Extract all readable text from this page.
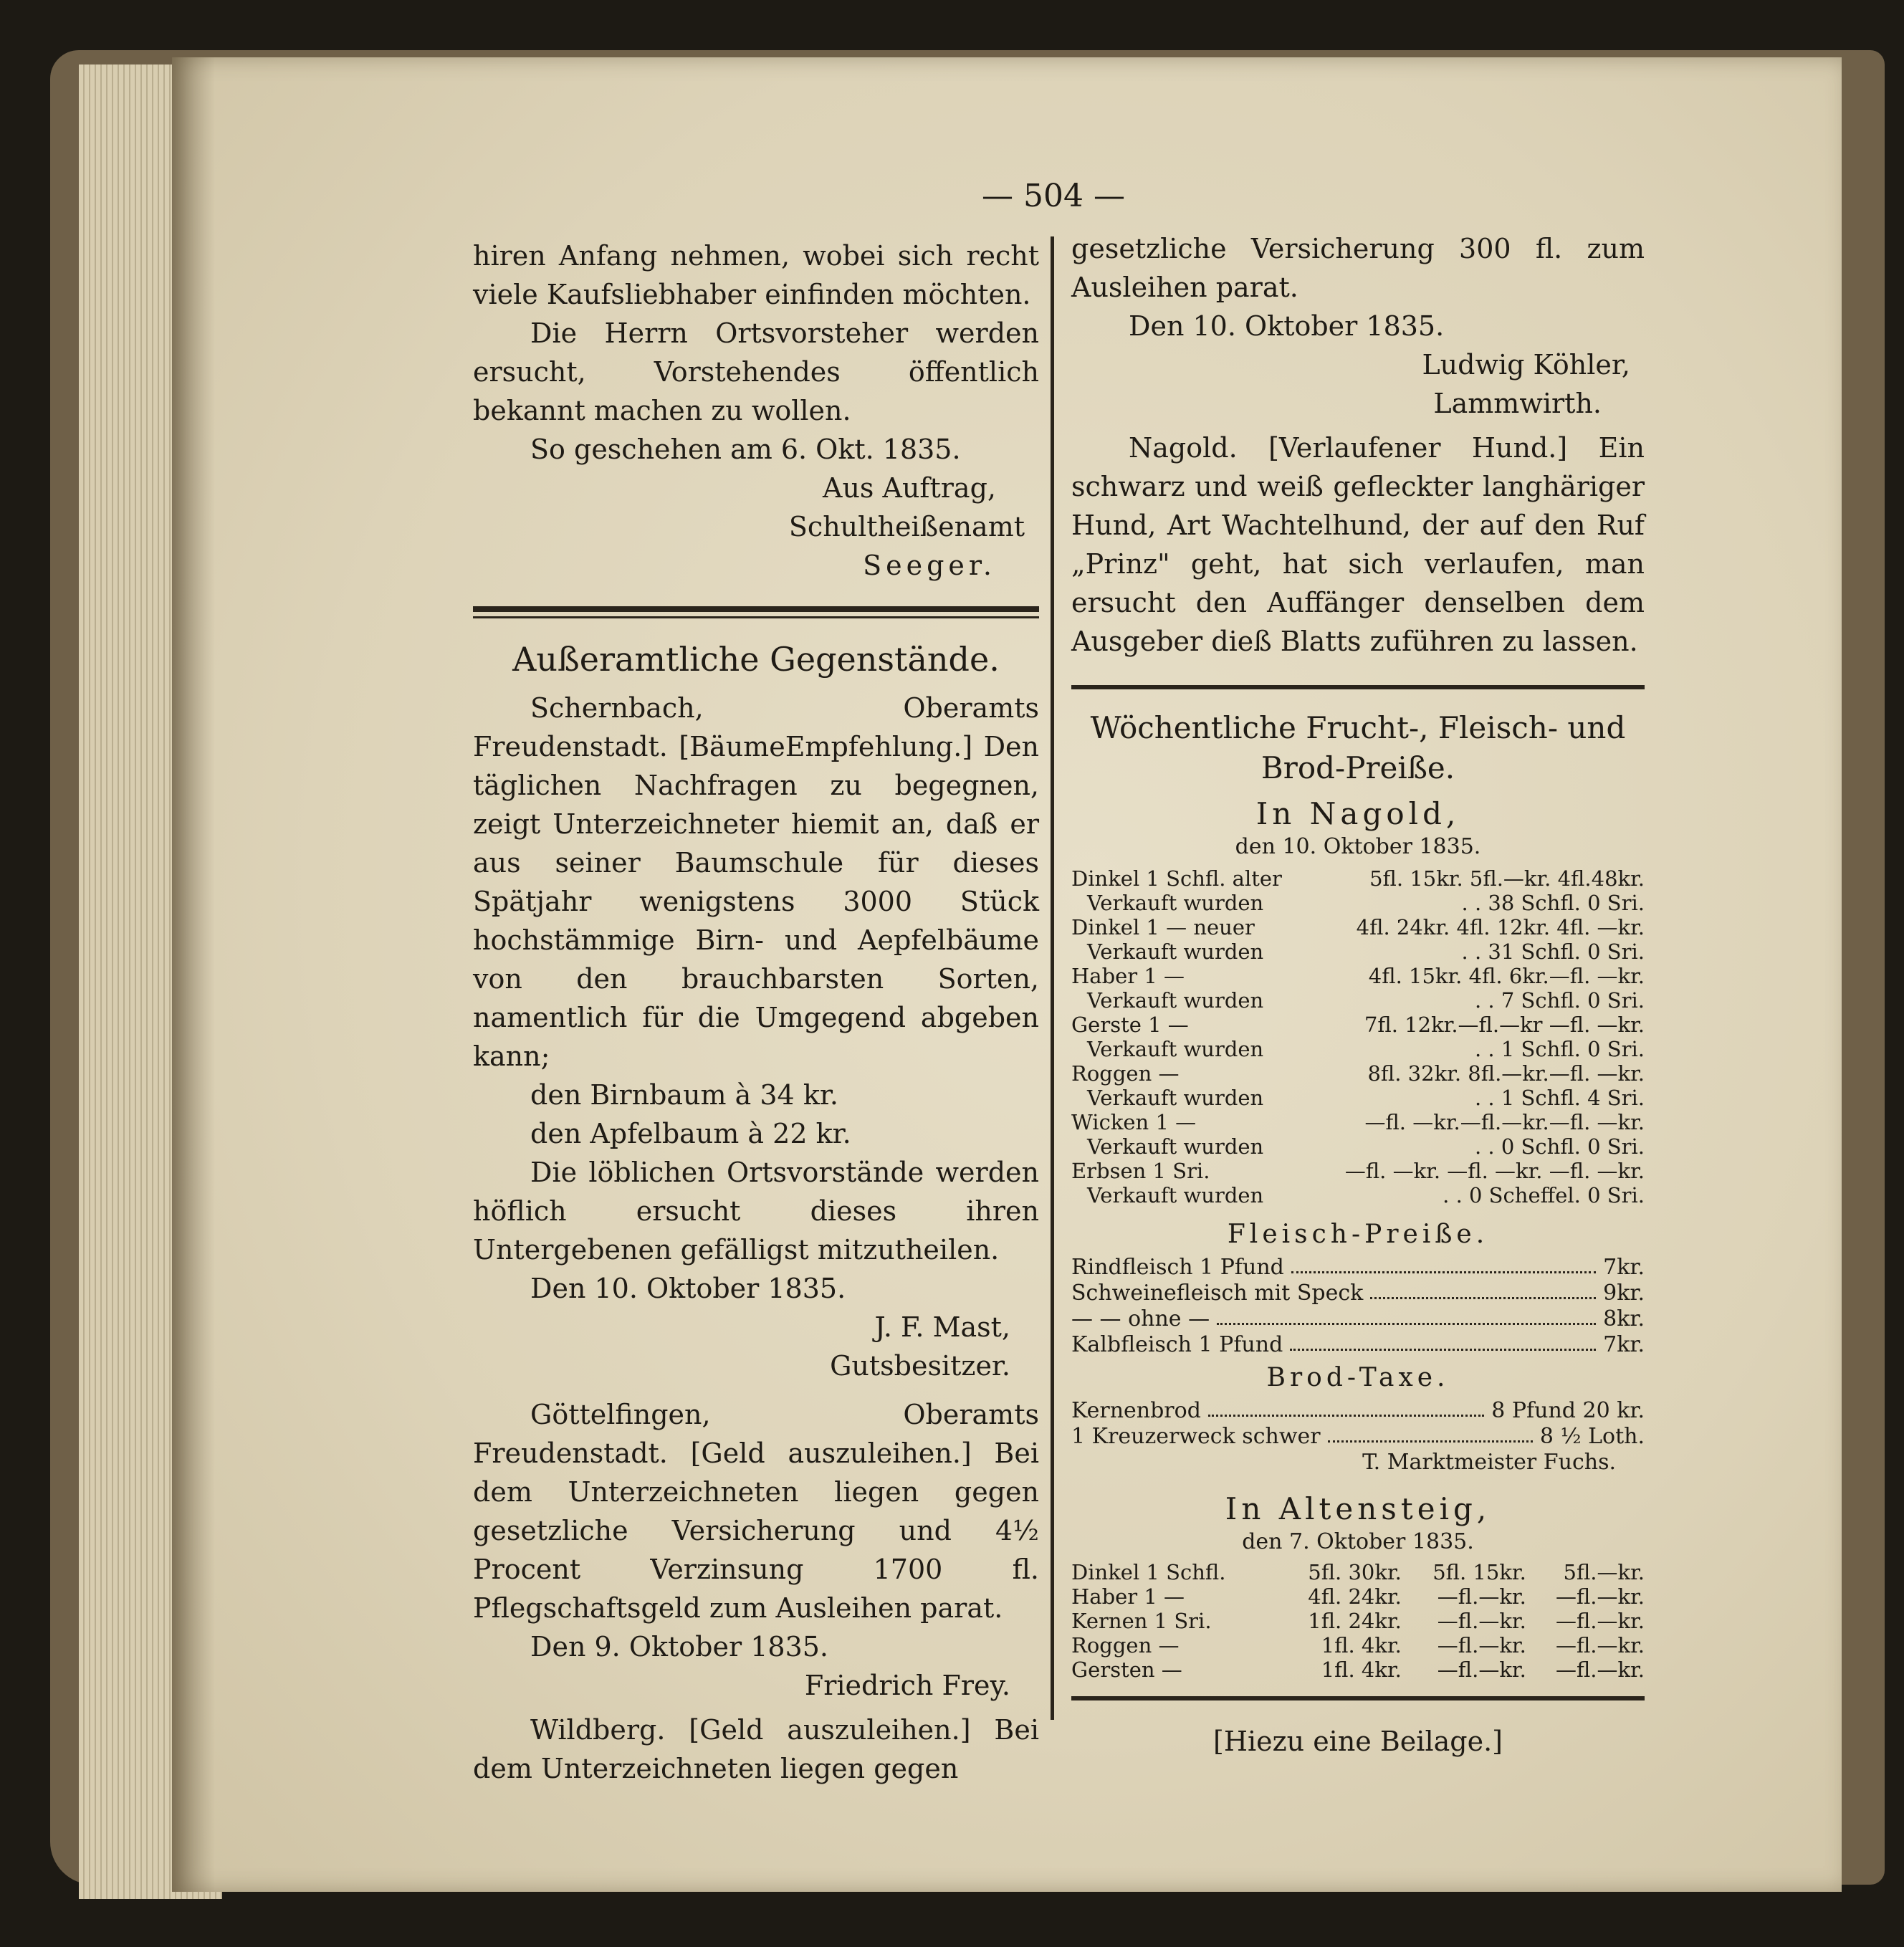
— 504 —

hiren Anfang nehmen, wobei sich recht viele Kaufsliebhaber einfinden möchten.

Die Herrn Ortsvorsteher werden ersucht, Vorstehendes öffentlich bekannt machen zu wollen.

So geschehen am 6. Okt. 1835.

Aus Auftrag,

Schultheißenamt

Seeger.

Außeramtliche Gegenstände.

Schernbach, Oberamts Freudenstadt. [BäumeEmpfehlung.] Den täglichen Nachfragen zu begegnen, zeigt Unterzeichneter hiemit an, daß er aus seiner Baumschule für dieses Spätjahr wenigstens 3000 Stück hochstämmige Birn- und Aepfelbäume von den brauchbarsten Sorten, namentlich für die Umgegend abgeben kann;

den Birnbaum à 34 kr.

den Apfelbaum à 22 kr.

Die löblichen Ortsvorstände werden höflich ersucht dieses ihren Untergebenen gefälligst mitzutheilen.

Den 10. Oktober 1835.

J. F. Mast,

Gutsbesitzer.

Göttelfingen, Oberamts Freudenstadt. [Geld auszuleihen.] Bei dem Unterzeichneten liegen gegen gesetzliche Versicherung und 4½ Procent Verzinsung 1700 fl. Pflegschaftsgeld zum Ausleihen parat.

Den 9. Oktober 1835.

Friedrich Frey.

Wildberg. [Geld auszuleihen.] Bei dem Unterzeichneten liegen gegen

gesetzliche Versicherung 300 fl. zum Ausleihen parat.

Den 10. Oktober 1835.

Ludwig Köhler,

Lammwirth.

Nagold. [Verlaufener Hund.] Ein schwarz und weiß gefleckter langhäriger Hund, Art Wachtelhund, der auf den Ruf „Prinz" geht, hat sich verlaufen, man ersucht den Auffänger denselben dem Ausgeber dieß Blatts zuführen zu lassen.

Wöchentliche Frucht-, Fleisch- und Brod-Preiße.
In Nagold,
den 10. Oktober 1835.
Dinkel 1 Schfl. alter	5fl. 15kr. 5fl.—kr. 4fl.48kr.
Verkauft wurden	. . 38 Schfl. 0 Sri.
Dinkel 1 — neuer	4fl. 24kr. 4fl. 12kr. 4fl. —kr.
Verkauft wurden	. . 31 Schfl. 0 Sri.
Haber 1 —	4fl. 15kr. 4fl. 6kr.—fl. —kr.
Verkauft wurden	. . 7 Schfl. 0 Sri.
Gerste 1 —	7fl. 12kr.—fl.—kr —fl. —kr.
Verkauft wurden	. . 1 Schfl. 0 Sri.
Roggen —	8fl. 32kr. 8fl.—kr.—fl. —kr.
Verkauft wurden	. . 1 Schfl. 4 Sri.
Wicken 1 —	—fl. —kr.—fl.—kr.—fl. —kr.
Verkauft wurden	. . 0 Schfl. 0 Sri.
Erbsen 1 Sri.	—fl. —kr. —fl. —kr. —fl. —kr.
Verkauft wurden	. . 0 Scheffel. 0 Sri.
Fleisch-Preiße.
Rindfleisch 1 Pfund	7kr.
Schweinefleisch mit Speck	9kr.
— — ohne —	8kr.
Kalbfleisch 1 Pfund	7kr.
Brod-Taxe.
Kernenbrod	8 Pfund 20 kr.
1 Kreuzerweck schwer	8 ½ Loth.

T. Marktmeister Fuchs.

In Altensteig,
den 7. Oktober 1835.
Dinkel 1 Schfl.	5fl. 30kr.	5fl. 15kr.	5fl.—kr.
Haber 1 —	4fl. 24kr.	—fl.—kr.	—fl.—kr.
Kernen 1 Sri.	1fl. 24kr.	—fl.—kr.	—fl.—kr.
Roggen —	1fl. 4kr.	—fl.—kr.	—fl.—kr.
Gersten —	1fl. 4kr.	—fl.—kr.	—fl.—kr.
[Hiezu eine Beilage.]
